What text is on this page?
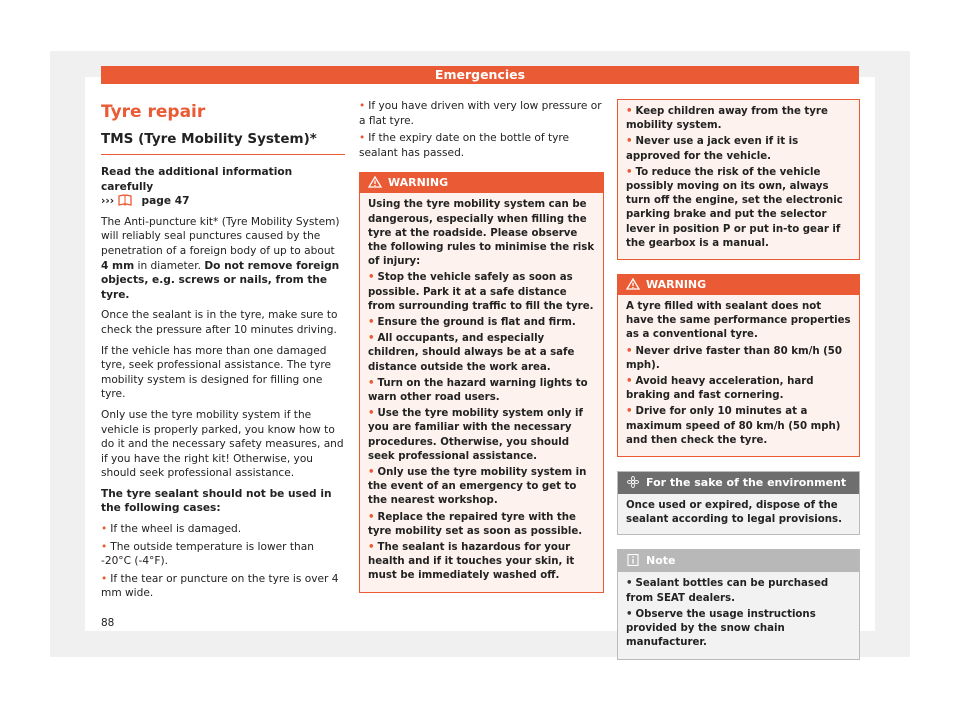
Emergencies
Tyre repair
TMS (Tyre Mobility System)*

Read the additional information carefully
›››	page 47

The Anti-puncture kit* (Tyre Mobility System) will reliably seal punctures caused by the penetration of a foreign body of up to about 4 mm in diameter. Do not remove foreign objects, e.g. screws or nails, from the tyre.

Once the sealant is in the tyre, make sure to check the pressure after 10 minutes driving.

If the vehicle has more than one damaged tyre, seek professional assistance. The tyre mobility system is designed for filling one tyre.

Only use the tyre mobility system if the vehicle is properly parked, you know how to do it and the necessary safety measures, and if you have the right kit! Otherwise, you should seek professional assistance.

The tyre sealant should not be used in the following cases:

• If the wheel is damaged.
• The outside temperature is lower than -20°C (-4°F).
• If the tear or puncture on the tyre is over 4 mm wide.
• If you have driven with very low pressure or a flat tyre.
• If the expiry date on the bottle of tyre sealant has passed.
WARNING

Using the tyre mobility system can be dangerous, especially when filling the tyre at the roadside. Please observe the following rules to minimise the risk of injury:

• Stop the vehicle safely as soon as possible. Park it at a safe distance from surrounding traffic to fill the tyre.
• Ensure the ground is flat and firm.
• All occupants, and especially children, should always be at a safe distance outside the work area.
• Turn on the hazard warning lights to warn other road users.
• Use the tyre mobility system only if you are familiar with the necessary procedures. Otherwise, you should seek professional assistance.
• Only use the tyre mobility system in the event of an emergency to get to the nearest workshop.
• Replace the repaired tyre with the tyre mobility set as soon as possible.
• The sealant is hazardous for your health and if it touches your skin, it must be immediately washed off.
• Keep children away from the tyre mobility system.
• Never use a jack even if it is approved for the vehicle.
• To reduce the risk of the vehicle possibly moving on its own, always turn off the engine, set the electronic parking brake and put the selector lever in position P or put in-to gear if the gearbox is a manual.
WARNING

A tyre filled with sealant does not have the same performance properties as a conventional tyre.

• Never drive faster than 80 km/h (50 mph).
• Avoid heavy acceleration, hard braking and fast cornering.
• Drive for only 10 minutes at a maximum speed of 80 km/h (50 mph) and then check the tyre.
For the sake of the environment
Once used or expired, dispose of the sealant according to legal provisions.
Note
• Sealant bottles can be purchased from SEAT dealers.
• Observe the usage instructions provided by the snow chain manufacturer.
88
